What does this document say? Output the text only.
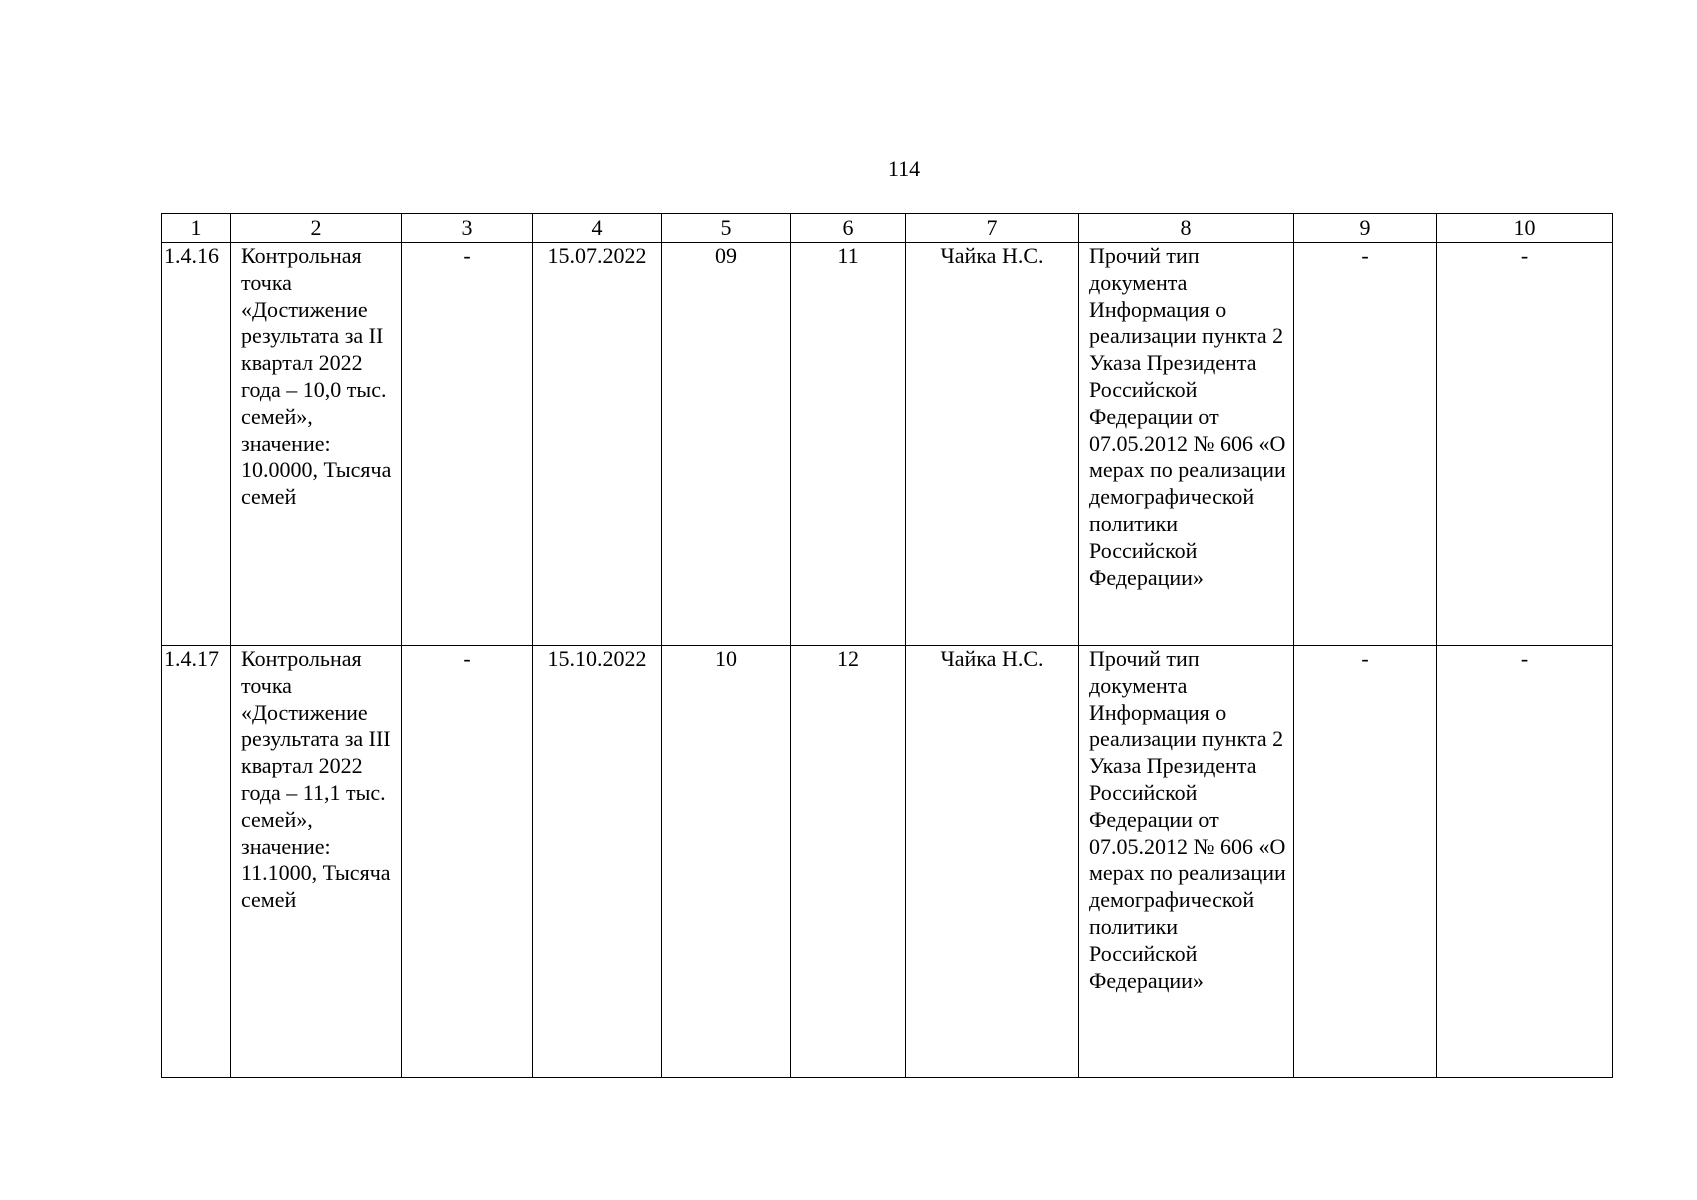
114
1	2	3	4	5	6	7	8	9	10
1.4.16	Контрольная точка «Достижение результата за II квартал 2022 года – 10,0 тыс. семей», значение: 10.0000, Тысяча семей	-	15.07.2022	09	11	Чайка Н.С.	Прочий тип документа Информация о реализации пункта 2 Указа Президента Российской Федерации от 07.05.2012 № 606 «О мерах по реализации демографической политики Российской Федерации»	-	-
1.4.17	Контрольная точка «Достижение результата за III квартал 2022 года – 11,1 тыс. семей», значение: 11.1000, Тысяча семей	-	15.10.2022	10	12	Чайка Н.С.	Прочий тип документа Информация о реализации пункта 2 Указа Президента Российской Федерации от 07.05.2012 № 606 «О мерах по реализации демографической политики Российской Федерации»	-	-
